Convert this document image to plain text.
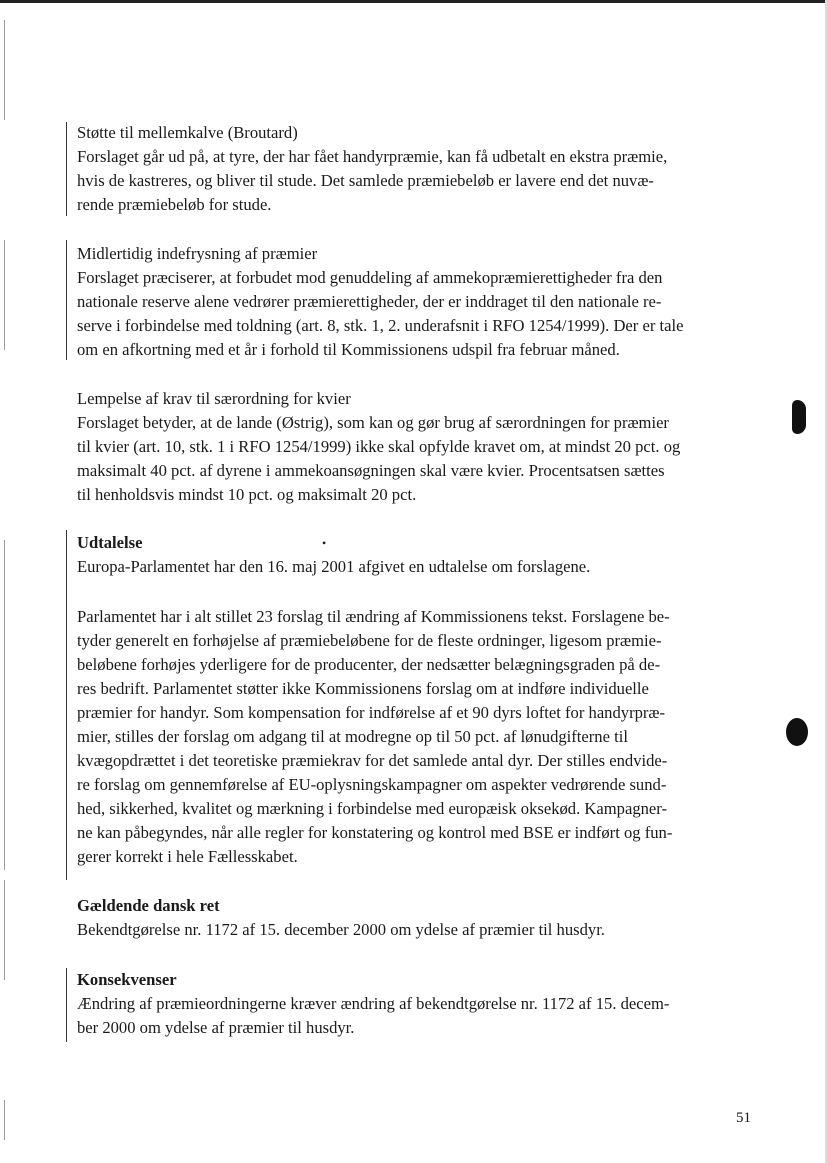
•

Støtte til mellemkalve (Broutard)

Forslaget går ud på, at tyre, der har fået handyrpræmie, kan få udbetalt en ekstra præmie,

hvis de kastreres, og bliver til stude. Det samlede præmiebeløb er lavere end det nuvæ-

rende præmiebeløb for stude.

Midlertidig indefrysning af præmier

Forslaget præciserer, at forbudet mod genuddeling af ammekopræmierettigheder fra den

nationale reserve alene vedrører præmierettigheder, der er inddraget til den nationale re-

serve i forbindelse med toldning (art. 8, stk. 1, 2. underafsnit i RFO 1254/1999). Der er tale

om en afkortning med et år i forhold til Kommissionens udspil fra februar måned.

Lempelse af krav til særordning for kvier

Forslaget betyder, at de lande (Østrig), som kan og gør brug af særordningen for præmier

til kvier (art. 10, stk. 1 i RFO 1254/1999) ikke skal opfylde kravet om, at mindst 20 pct. og

maksimalt 40 pct. af dyrene i ammekoansøgningen skal være kvier. Procentsatsen sættes

til henholdsvis mindst 10 pct. og maksimalt 20 pct.

Udtalelse

Europa-Parlamentet har den 16. maj 2001 afgivet en udtalelse om forslagene.

Parlamentet har i alt stillet 23 forslag til ændring af Kommissionens tekst. Forslagene be-

tyder generelt en forhøjelse af præmiebeløbene for de fleste ordninger, ligesom præmie-

beløbene forhøjes yderligere for de producenter, der nedsætter belægningsgraden på de-

res bedrift. Parlamentet støtter ikke Kommissionens forslag om at indføre individuelle

præmier for handyr. Som kompensation for indførelse af et 90 dyrs loftet for handyrpræ-

mier, stilles der forslag om adgang til at modregne op til 50 pct. af lønudgifterne til

kvægopdrættet i det teoretiske præmiekrav for det samlede antal dyr. Der stilles endvide-

re forslag om gennemførelse af EU-oplysningskampagner om aspekter vedrørende sund-

hed, sikkerhed, kvalitet og mærkning i forbindelse med europæisk oksekød. Kampagner-

ne kan påbegyndes, når alle regler for konstatering og kontrol med BSE er indført og fun-

gerer korrekt i hele Fællesskabet.

Gældende dansk ret

Bekendtgørelse nr. 1172 af 15. december 2000 om ydelse af præmier til husdyr.

Konsekvenser

Ændring af præmieordningerne kræver ændring af bekendtgørelse nr. 1172 af 15. decem-

ber 2000 om ydelse af præmier til husdyr.

51
